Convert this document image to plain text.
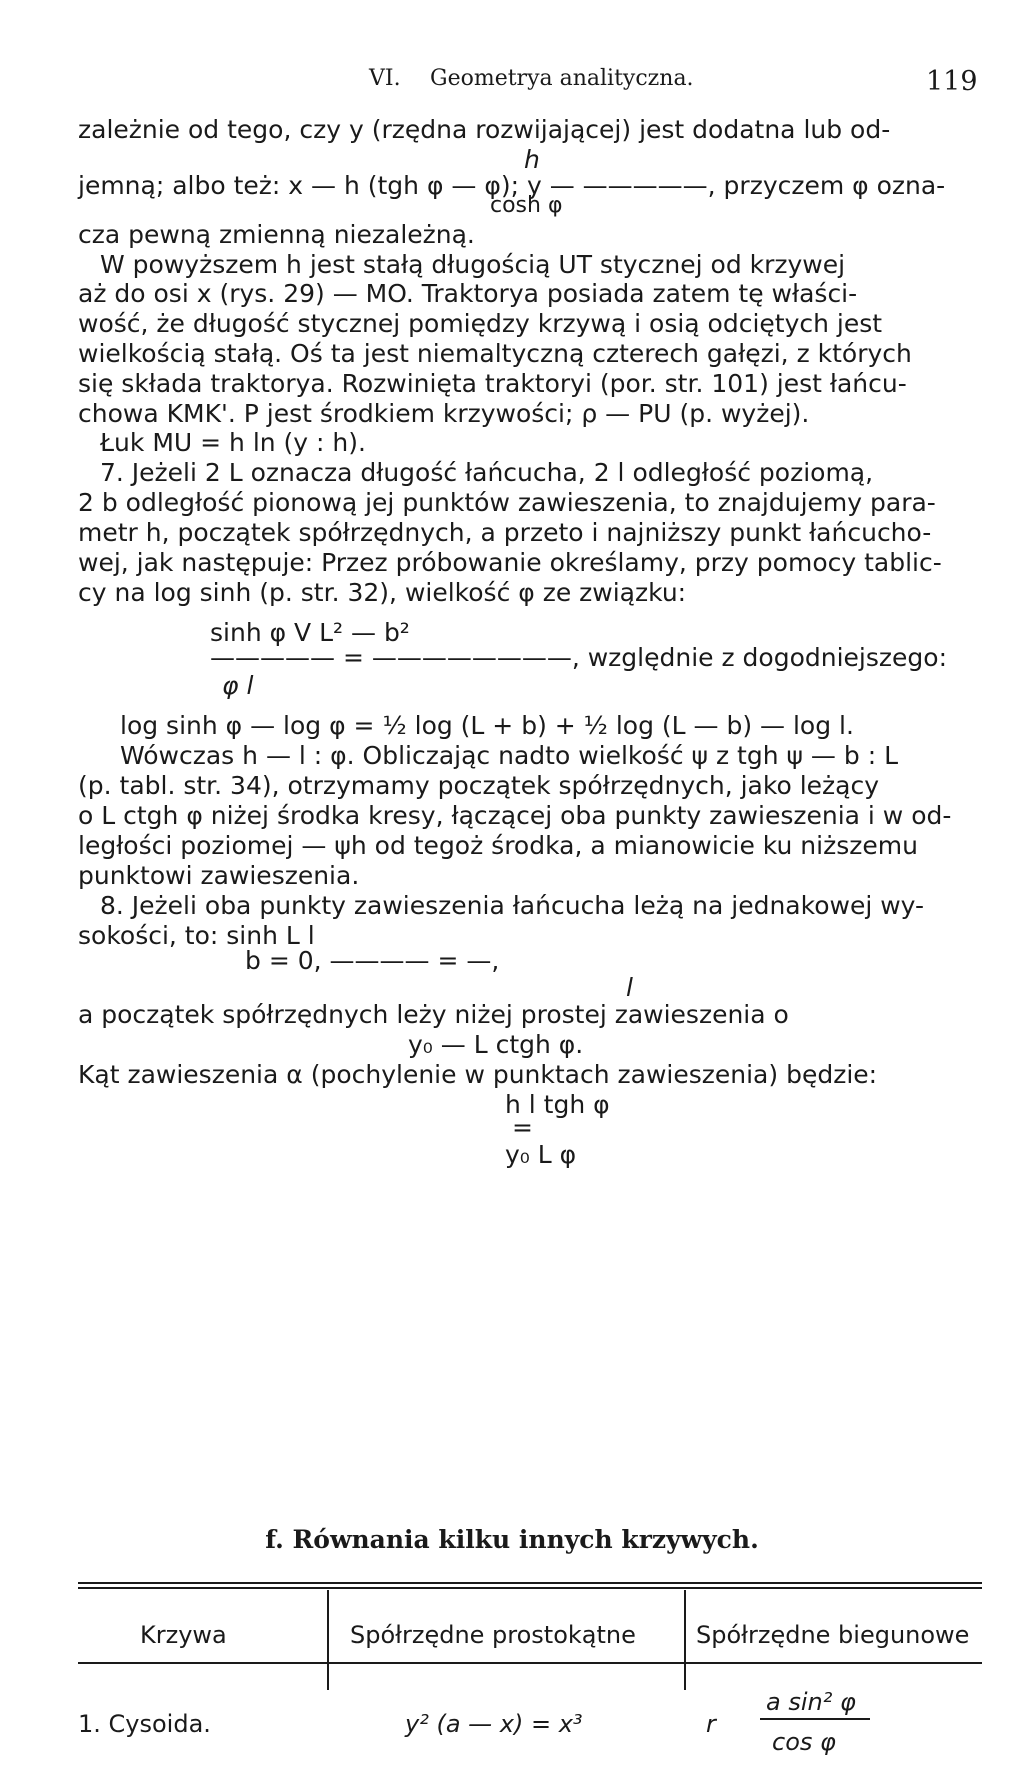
VI. Geometrya analityczna.	119
zależnie od tego, czy y (rzędna rozwijającej) jest dodatna lub od-
h
jemną; albo też: x — h (tgh φ — φ); y — —————, przyczem φ ozna-
cosh φ
cza pewną zmienną niezależną.
W powyższem h jest stałą długością UT stycznej od krzywej
aż do osi x (rys. 29) — MO. Traktorya posiada zatem tę właści-
wość, że długość stycznej pomiędzy krzywą i osią odciętych jest
wielkością stałą. Oś ta jest niemaltyczną czterech gałęzi, z których
się składa traktorya. Rozwinięta traktoryi (por. str. 101) jest łańcu-
chowa KMK'. P jest środkiem krzywości; ρ — PU (p. wyżej).
Łuk MU = h ln (y : h).
7. Jeżeli 2 L oznacza długość łańcucha, 2 l odległość poziomą,
2 b odległość pionową jej punktów zawieszenia, to znajdujemy para-
metr h, początek spółrzędnych, a przeto i najniższy punkt łańcucho-
wej, jak następuje: Przez próbowanie określamy, przy pomocy tablic-
cy na log sinh (p. str. 32), wielkość φ ze związku:
sinh φ V L² — b²
————— = ————————, względnie z dogodniejszego:
φ l
log sinh φ — log φ = ½ log (L + b) + ½ log (L — b) — log l.
Wówczas h — l : φ. Obliczając nadto wielkość ψ z tgh ψ — b : L
(p. tabl. str. 34), otrzymamy początek spółrzędnych, jako leżący
o L ctgh φ niżej środka kresy, łączącej oba punkty zawieszenia i w od-
ległości poziomej — ψh od tegoż środka, a mianowicie ku niższemu
punktowi zawieszenia.
8. Jeżeli oba punkty zawieszenia łańcucha leżą na jednakowej wy-
sokości, to: sinh L l
b = 0, ———— = —,
l
a początek spółrzędnych leży niżej prostej zawieszenia o
y₀ — L ctgh φ.
Kąt zawieszenia α (pochylenie w punktach zawieszenia) będzie:
h l tgh φ
=
y₀ L φ
f. Równania kilku innych krzywych.
Krzywa	Spółrzędne prostokątne	Spółrzędne biegunowe
1. Cysoida.	y² (a — x) = x³	r
a sin² φ
cos φ
